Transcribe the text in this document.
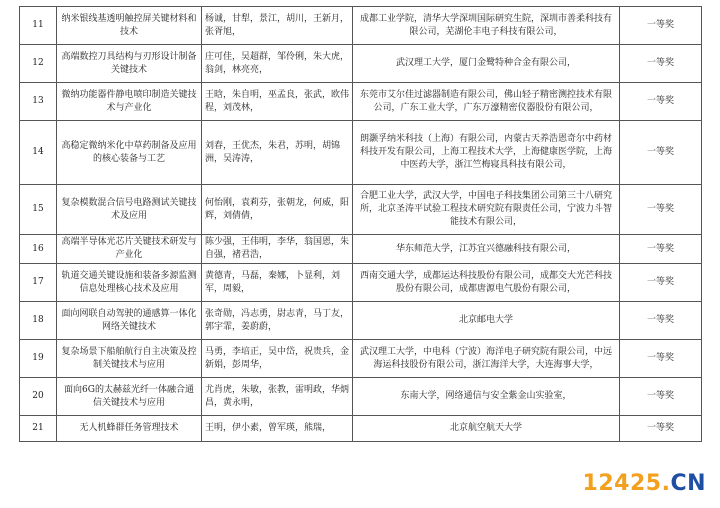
11	纳米银线基透明触控屏关键材料和技术	杨诚，甘犁，景江，胡川，王新月，张胥旭，	成都工业学院，清华大学深圳国际研究生院，深圳市善柔科技有限公司，芜湖伦丰电子科技有限公司，	一等奖
12	高端数控刀具结构与刃形设计制备关键技术	庄可佳，吴超群，邹伶俐，朱大虎，翁剑，林亮亮，	武汉理工大学，厦门金鹭特种合金有限公司，	一等奖
13	微纳功能器件静电喷印制造关键技术与产业化	王晗，朱自明，巫孟良，张武，欧伟程，刘茂林，	东莞市艾尔佳过滤器制造有限公司，佛山轻子精密测控技术有限公司，广东工业大学，广东万濠精密仪器股份有限公司，	一等奖
14	高稳定微纳米化中草药制备及应用的核心装备与工艺	刘春，王优杰，朱君，苏明，胡锦洲，吴涛涛，	朗灏孚纳米科技（上海）有限公司，内蒙古天养浩恩奇尔中药材科技开发有限公司，上海工程技术大学，上海健康医学院，上海中医药大学，浙江竺梅寝具科技有限公司，	一等奖
15	复杂模数混合信号电路测试关键技术及应用	何怡刚，袁莉芬，张朝龙，何威，阳辉，刘倩倩，	合肥工业大学，武汉大学，中国电子科技集团公司第三十八研究所，北京圣涛平试验工程技术研究院有限责任公司，宁波力斗智能技术有限公司，	一等奖
16	高端半导体光芯片关键技术研发与产业化	陈少强，王伟明，李华，翁国恩，朱自强，褚君浩，	华东师范大学，江苏宜兴德融科技有限公司，	一等奖
17	轨道交通关键设施和装备多源监测信息处理核心技术及应用	黄德青，马磊，秦娜，卜显利，刘军，周毅，	西南交通大学，成都运达科技股份有限公司，成都交大光芒科技股份有限公司，成都唐源电气股份有限公司，	一等奖
18	面向网联自动驾驶的通感算一体化网络关键技术	张奇勋，冯志勇，尉志青，马丁友，郭宇霏，姜蔚蔚，	北京邮电大学	一等奖
19	复杂场景下船舶航行自主决策及控制关键技术与应用	马勇，李培正，吴中岱，祝贵兵，金新娟，彭周华，	武汉理工大学，中电科（宁波）海洋电子研究院有限公司，中远海运科技股份有限公司，浙江海洋大学，大连海事大学，	一等奖
20	面向6G的太赫兹光纤一体融合通信关键技术与应用	尤肖虎，朱敏，张教，雷明政，华炳昌，黄永明，	东南大学，网络通信与安全紫金山实验室，	一等奖
21	无人机蜂群任务管理技术	王明，伊小素，曾军瑛，熊瑞，	北京航空航天大学	一等奖
12425.CN
